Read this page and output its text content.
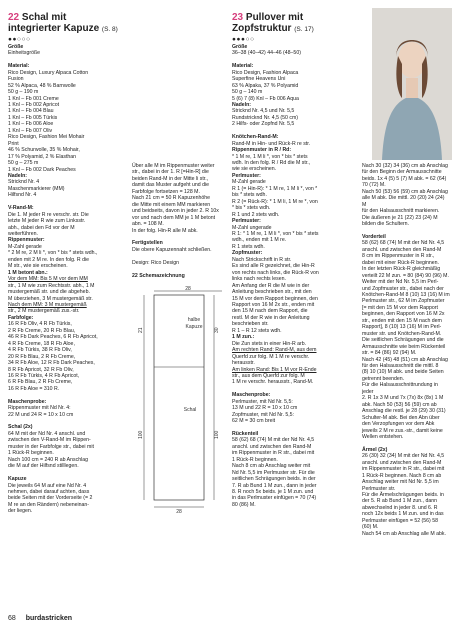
22 Schal mit
integrierter Kapuze (S. 8)
●●○○○

Größe

Einheitsgröße

Material:

Rico Design, Luxury Alpaca Cotton

Fusion

52 % Alpaca, 48 % Barnwolle

50 g – 190 m

1 Knl – Fb 001 Creme

1 Knl – Fb 002 Apricot

1 Knl – Fb 004 Blau

1 Knl – Fb 005 Türkis

1 Knl – Fb 006 Aloe

1 Knl – Fb 007 Oliv

Rico Design, Fashion Mei Mohair

Print

46 % Schurwolle, 35 % Mohair,

17 % Polyamid, 2 % Elasthan

50 g – 275 m

1 Knl – Fb 002 Dark Peaches

Nadeln:

Stricknd Nr. 4

Maschenmarkierer (MM)

Hilfsnd Nr. 4

V-Rand-M:

Die 1. M jeder R re verschr. str. Die

letzte M jeder R wie zum Linksstr.

abh., dabei den Fd vor der M

weiterführen.

Rippenmuster:

M-Zahl gerade

* 2 M re, 2 M li *, von * bis * stets wdh.,

enden mit 2 M re. In den folg. R die

M str., wie sie erscheinen.

1 M betont abn.:

Vor dem MM: Bis 5 M vor dem MM

str., 1 M wie zum Rechtsstr. abh., 1 M

mustergemäß str. und die abgeheb.

M überziehen, 3 M mustergemäß str.

Nach dem MM: 3 M mustergemäß

str., 2 M mustergemäß zus.-str.

Farbfolge:

16 R Fb Oliv, 4 R Fb Türkis,

2 R Fb Creme, 20 R Fb Blau,

46 R Fb Dark Peaches, 6 R Fb Apricot,

4 R Fb Creme, 18 R Fb Aloe,

4 R Fb Türkis, 38 R Fb Oliv,

20 R Fb Blau, 2 R Fb Creme,

34 R Fb Aloe, 12 R Fb Dark Peaches,

8 R Fb Apricot, 32 R Fb Oliv,

16 R Fb Türkis, 4 R Fb Apricot,

6 R Fb Blau, 2 R Fb Creme,

16 R Fb Aloe = 310 R.

Maschenprobe:

Rippenmuster mit Nd Nr. 4:

22 M und 24 R = 10 x 10 cm

Schal (2x)

64 M mit der Nd Nr. 4 anschl. und

zwischen den V-Rand-M im Rippen-

muster in der Farbfolge str., dabei mit

1 Rück-R beginnen.

Nach 100 cm = 240 R ab Anschlag

die M auf der Hilfsnd stilllegen.

Kapuze

Die jeweils 64 M auf eine Nd Nr. 4

nehmen, dabei darauf achten, dass

beide Seiten mit der Vorderseite (= 2

M re an den Rändern) nebeneinan-

der liegen.

Über alle M im Rippenmuster weiter

str., dabei in der 1. R [=Hin-R] die

beiden Rand-M in der Mitte li str.,

damit das Muster aufgeht und die

Farbfolge fortsetzen = 128 M.

Nach 21 cm = 50 R Kapuzenhöhe

die Mitte mit einem MM markieren

und beidseits, davon in jeder 2. R 10x

vor und nach dem MM je 1 M betont

abn. = 108 M.

In der folg. Hin-R alle M abk.

Fertigstellen

Die obere Kapuzennaht schließen.

Design: Rico Design

22 Schemazeichnung
28
halbe
Kapuze
Schal
21	30
100	100
28
23 Pullover mit
Zopfstruktur (S. 17)
●●●○○

Größe

36–38 (40–42) 44–46 (48–50)

Material:

Rico Design, Fashion Alpaca

Superfine Heavens Uni

63 % Alpaka, 37 % Polyamid

50 g – 140 m

5 (6) 7 (8) Knl – Fb 006 Aqua

Nadeln:

Stricknd Nr. 4,5 und Nr. 5,5

Rundstricknd Nr. 4,5 (50 cm)

2 Hilfs- oder Zopfnd Nr. 5,5

Knötchen-Rand-M:

Rand-M in Hin- und Rück-R re str.

Rippenmuster in R / Rd:

* 1 M re, 1 M li *, von * bis * stets

wdh. In den folg. R / Rd die M str.,

wie sie erscheinen.

Perlmuster:

M-Zahl gerade

R 1 (= Hin-R): * 1 M re, 1 M li *, von *

bis * stets wdh.

R 2 (= Rück-R): * 1 M li, 1 M re *, von

* bis * stets wdh.

R 1 und 2 stets wdh.

Perlmuster:

M-Zahl ungerade

R 1: * 1 M re, 1 M li *, von * bis * stets

wdh., enden mit 1 M re.

R 1 stets wdh.

Zopfmuster:

Nach Strickschrift in R str.

Es sind alle R gezeichnet, die Hin-R

von rechts nach links, die Rück-R von

links nach rechts lesen.

Am Anfang der R die M wie in der

Anleitung beschrieben str., mit den

15 M vor dem Rapport beginnen, den

Rapport von 16 M 2x str., enden mit

den 15 M nach dem Rapport, die

restl. M der R wie in der Anleitung

beschrieben str.

R 1 – R 12 stets wdh.

1 M zun.:

Die Zun stets in einer Hin-R arb.

Am rechten Rand: Rand-M, aus dem

Querfd zur folg. M 1 M re verschr.

herausstr.

Am linken Rand: Bis 1 M vor R-Ende

str., aus dem Querfd zur folg. M

1 M re verschr. herausstr., Rand-M.

Maschenprobe:

Perlmuster, mit Nd Nr. 5,5:

13 M und 22 R = 10 x 10 cm

Zopfmuster, mit Nd Nr. 5,5:

62 M = 30 cm breit

Rückenteil

58 (62) 68 (74) M mit der Nd Nr. 4,5

anschl. und zwischen den Rand-M

im Rippenmuster in R str., dabei mit

1 Rück-R beginnen.

Nach 8 cm ab Anschlag weiter mit

Nd Nr. 5,5 im Perlmuster str. Für die

seitlichen Schrägungen beids. in der

7. R ab Bund 1 M zun., dann in jeder

8. R noch 5x beids. je 1 M zun. und

in das Perlmuster einfügen = 70 (74)

80 (86) M.

Nach 30 (32) 34 (36) cm ab Anschlag

für den Beginn der Armausschnitte

beids. 1x 4 (5) 5 (7) M abk. = 62 (64)

70 (72) M.

Nach 50 (53) 56 (59) cm ab Anschlag

alle M abk. Die mittl. 20 (20) 24 (24) M

für den Halsausschnitt markieren.

Die äußeren je 21 (22) 23 (24) M

bilden die Schultern.

Vorderteil

58 (62) 68 (74) M mit der Nd Nr. 4,5

anschl. und zwischen den Rand-M

8 cm im Rippenmuster in R str.,

dabei mit einer Rück-R beginnen.

In der letzten Rück-R gleichmäßig

verteilt 22 M zun. = 80 (84) 90 (96) M.

Weiter mit der Nd Nr. 5,5 im Perl-

und Zopfmuster str., dabei nach der

Knötchen-Rand-M 8 (10) 13 (16) M im

Perlmuster str., 62 M im Zopfmuster

[= mit den 15 M vor dem Rapport

beginnen, den Rapport von 16 M 2x

str., enden mit den 15 M nach dem

Rapport], 8 (10) 13 (16) M im Perl-

muster str. und Knötchen-Rand-M.

Die seitlichen Schrägungen und die

Armausschnitte wie beim Rückenteil

str. = 84 (86) 92 (94) M.

Nach 42 (45) 48 (51) cm ab Anschlag

für den Halsausschnitt die mittl. 8

(8) 10 (10) M abk. und beide Seiten

getrennt beenden.

Für die Halsausschnittrundung in jeder

2. R 1x 3 M und 7x (7x) 8x (8x) 1 M

abk. Nach 50 (53) 56 (59) cm ab

Anschlag die restl. je 28 (29) 30 (31)

Schulter-M abk. Bei den Abn über

den Verzopfungen vor dem Abk

jeweils 2 M re zus.-str., damit keine

Wellen entstehen.

Ärmel (2x)

26 (30) 32 (34) M mit der Nd Nr. 4,5

anschl. und zwischen den Rand-M

im Rippenmuster in R str., dabei mit

1 Rück-R beginnen. Nach 8 cm ab

Anschlag weiter mit Nd Nr. 5,5 im

Perlmuster str.

Für die Ärmelschrägungen beids. in

der 5. R ab Bund 1 M zun., dann

abwechselnd in jeder 8. und 6. R

noch 12x beids 1 M zun. und in das

Perlmuster einfügen = 52 (56) 58

(60) M.

Nach 54 cm ab Anschlag alle M abk.

68 burdastricken
